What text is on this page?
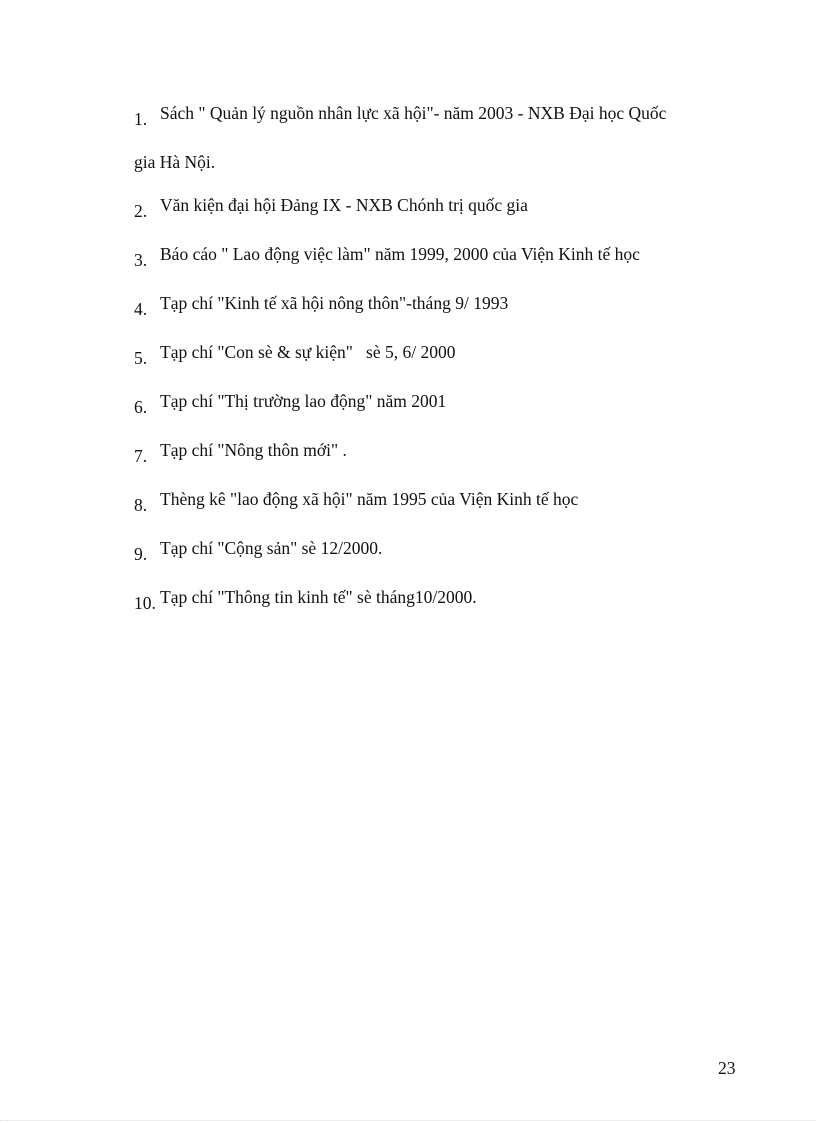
1. Sách " Quản lý nguồn nhân lực xã hội"- năm 2003 - NXB Đại học Quốc
gia Hà Nội.
2. Văn kiện đại hội Đảng IX - NXB Chónh trị quốc gia
3. Báo cáo " Lao động việc làm" năm 1999, 2000 của Viện Kinh tế học
4. Tạp chí "Kinh tế xã hội nông thôn"-tháng 9/ 1993
5. Tạp chí "Con sè & sự kiện"   sè 5, 6/ 2000
6. Tạp chí "Thị trường lao động" năm 2001
7. Tạp chí "Nông thôn mới" .
8. Thèng kê "lao động xã hội" năm 1995 của Viện Kinh tế học
9. Tạp chí "Cộng sản" sè 12/2000.
10. Tạp chí "Thông tin kinh tế" sè tháng10/2000.
23
